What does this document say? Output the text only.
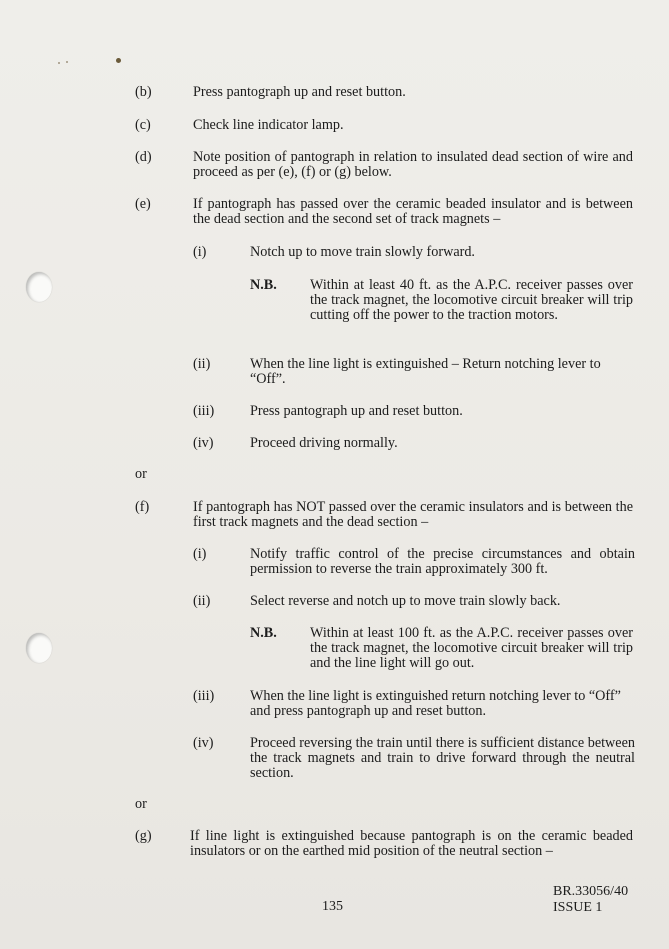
(b)	Press pantograph up and reset button.
(c)	Check line indicator lamp.
(d)	Note position of pantograph in relation to insulated dead section of wire and proceed as per (e), (f) or (g) below.
(e)	If pantograph has passed over the ceramic beaded insulator and is between the dead section and the second set of track magnets –
(i)	Notch up to move train slowly forward.
N.B. Within at least 40 ft. as the A.P.C. receiver passes over the track magnet, the locomotive circuit breaker will trip cutting off the power to the traction motors.
(ii)	When the line light is extinguished – Return notching lever to “Off”.
(iii)	Press pantograph up and reset button.
(iv)	Proceed driving normally.
or
(f)	If pantograph has NOT passed over the ceramic insulators and is between the first track magnets and the dead section –
(i)	Notify traffic control of the precise circumstances and obtain permission to reverse the train approximately 300 ft.
(ii)	Select reverse and notch up to move train slowly back.
N.B. Within at least 100 ft. as the A.P.C. receiver passes over the track magnet, the locomotive circuit breaker will trip and the line light will go out.
(iii)	When the line light is extinguished return notching lever to “Off” and press pantograph up and reset button.
(iv)	Proceed reversing the train until there is sufficient distance between the track magnets and train to drive forward through the neutral section.
or
(g)	If line light is extinguished because pantograph is on the ceramic beaded insulators or on the earthed mid position of the neutral section –
135
BR.33056/40
ISSUE 1
